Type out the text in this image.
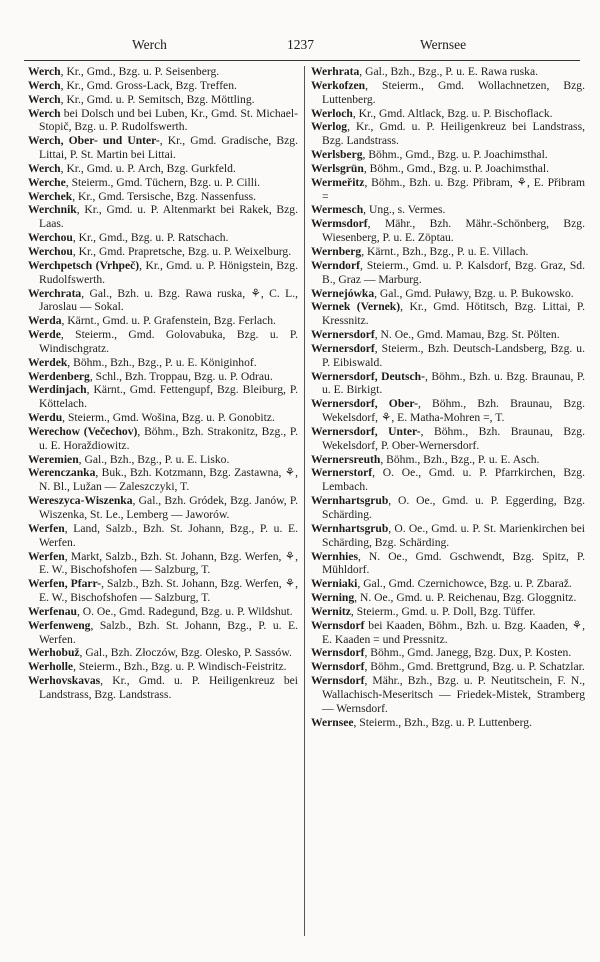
Werch	1237	Wernsee

Werch, Kr., Gmd., Bzg. u. P. Seisenberg.

Werch, Kr., Gmd. Gross-Lack, Bzg. Treffen.

Werch, Kr., Gmd. u. P. Semitsch, Bzg. Möttling.

Werch bei Dolsch und bei Luben, Kr., Gmd. St. Michael-Stopič, Bzg. u. P. Rudolfswerth.

Werch, Ober- und Unter-, Kr., Gmd. Gradische, Bzg. Littai, P. St. Martin bei Littai.

Werch, Kr., Gmd. u. P. Arch, Bzg. Gurkfeld.

Werche, Steierm., Gmd. Tüchern, Bzg. u. P. Cilli.

Werchek, Kr., Gmd. Tersische, Bzg. Nassenfuss.

Werchnik, Kr., Gmd. u. P. Altenmarkt bei Rakek, Bzg. Laas.

Werchou, Kr., Gmd., Bzg. u. P. Ratschach.

Werchou, Kr., Gmd. Prapretsche, Bzg. u. P. Weixelburg.

Werchpetsch (Vrhpeč), Kr., Gmd. u. P. Hönigstein, Bzg. Rudolfswerth.

Werchrata, Gal., Bzh. u. Bzg. Rawa ruska, ⚘, C. L., Jaroslau — Sokal.

Werda, Kärnt., Gmd. u. P. Grafenstein, Bzg. Ferlach.

Werde, Steierm., Gmd. Golovabuka, Bzg. u. P. Windischgratz.

Werdek, Böhm., Bzh., Bzg., P. u. E. Königinhof.

Werdenberg, Schl., Bzh. Troppau, Bzg. u. P. Odrau.

Werdinjach, Kärnt., Gmd. Fettengupf, Bzg. Bleiburg, P. Köttelach.

Werdu, Steierm., Gmd. Wošina, Bzg. u. P. Gonobitz.

Werechow (Večechov), Böhm., Bzh. Strakonitz, Bzg., P. u. E. Horaždiowitz.

Weremien, Gal., Bzh., Bzg., P. u. E. Lisko.

Werenczanka, Buk., Bzh. Kotzmann, Bzg. Zastawna, ⚘, N. Bl., Lužan — Zaleszczyki, T.

Wereszyca-Wiszenka, Gal., Bzh. Gródek, Bzg. Janów, P. Wiszenka, St. Le., Lemberg — Jaworów.

Werfen, Land, Salzb., Bzh. St. Johann, Bzg., P. u. E. Werfen.

Werfen, Markt, Salzb., Bzh. St. Johann, Bzg. Werfen, ⚘, E. W., Bischofshofen — Salzburg, T.

Werfen, Pfarr-, Salzb., Bzh. St. Johann, Bzg. Werfen, ⚘, E. W., Bischofshofen — Salzburg, T.

Werfenau, O. Oe., Gmd. Radegund, Bzg. u. P. Wildshut.

Werfenweng, Salzb., Bzh. St. Johann, Bzg., P. u. E. Werfen.

Werhobuž, Gal., Bzh. Złoczów, Bzg. Olesko, P. Sassów.

Werholle, Steierm., Bzh., Bzg. u. P. Windisch-Feistritz.

Werhovskavas, Kr., Gmd. u. P. Heiligenkreuz bei Landstrass, Bzg. Landstrass.

Werhrata, Gal., Bzh., Bzg., P. u. E. Rawa ruska.

Werkofzen, Steierm., Gmd. Wollachnetzen, Bzg. Luttenberg.

Werloch, Kr., Gmd. Altlack, Bzg. u. P. Bischoflack.

Werlog, Kr., Gmd. u. P. Heiligenkreuz bei Landstrass, Bzg. Landstrass.

Werlsberg, Böhm., Gmd., Bzg. u. P. Joachimsthal.

Werlsgrün, Böhm., Gmd., Bzg. u. P. Joachimsthal.

Wermeřitz, Böhm., Bzh. u. Bzg. Přibram, ⚘, E. Přibram =

Wermesch, Ung., s. Vermes.

Wermsdorf, Mähr., Bzh. Mähr.-Schönberg, Bzg. Wiesenberg, P. u. E. Zöptau.

Wernberg, Kärnt., Bzh., Bzg., P. u. E. Villach.

Werndorf, Steierm., Gmd. u. P. Kalsdorf, Bzg. Graz, Sd. B., Graz — Marburg.

Wernejówka, Gal., Gmd. Puławy, Bzg. u. P. Bukowsko.

Wernek (Vernek), Kr., Gmd. Hötitsch, Bzg. Littai, P. Kressnitz.

Wernersdorf, N. Oe., Gmd. Mamau, Bzg. St. Pölten.

Wernersdorf, Steierm., Bzh. Deutsch-Landsberg, Bzg. u. P. Eibiswald.

Wernersdorf, Deutsch-, Böhm., Bzh. u. Bzg. Braunau, P. u. E. Birkigt.

Wernersdorf, Ober-, Böhm., Bzh. Braunau, Bzg. Wekelsdorf, ⚘, E. Matha-Mohren =, T.

Wernersdorf, Unter-, Böhm., Bzh. Braunau, Bzg. Wekelsdorf, P. Ober-Wernersdorf.

Wernersreuth, Böhm., Bzh., Bzg., P. u. E. Asch.

Wernerstorf, O. Oe., Gmd. u. P. Pfarrkirchen, Bzg. Lembach.

Wernhartsgrub, O. Oe., Gmd. u. P. Eggerding, Bzg. Schärding.

Wernhartsgrub, O. Oe., Gmd. u. P. St. Marienkirchen bei Schärding, Bzg. Schärding.

Wernhies, N. Oe., Gmd. Gschwendt, Bzg. Spitz, P. Mühldorf.

Werniaki, Gal., Gmd. Czernichowce, Bzg. u. P. Zbaraž.

Werning, N. Oe., Gmd. u. P. Reichenau, Bzg. Gloggnitz.

Wernitz, Steierm., Gmd. u. P. Doll, Bzg. Tüffer.

Wernsdorf bei Kaaden, Böhm., Bzh. u. Bzg. Kaaden, ⚘, E. Kaaden = und Pressnitz.

Wernsdorf, Böhm., Gmd. Janegg, Bzg. Dux, P. Kosten.

Wernsdorf, Böhm., Gmd. Brettgrund, Bzg. u. P. Schatzlar.

Wernsdorf, Mähr., Bzh., Bzg. u. P. Neutitschein, F. N., Wallachisch-Meseritsch — Friedek-Mistek, Stramberg — Wernsdorf.

Wernsee, Steierm., Bzh., Bzg. u. P. Luttenberg.
